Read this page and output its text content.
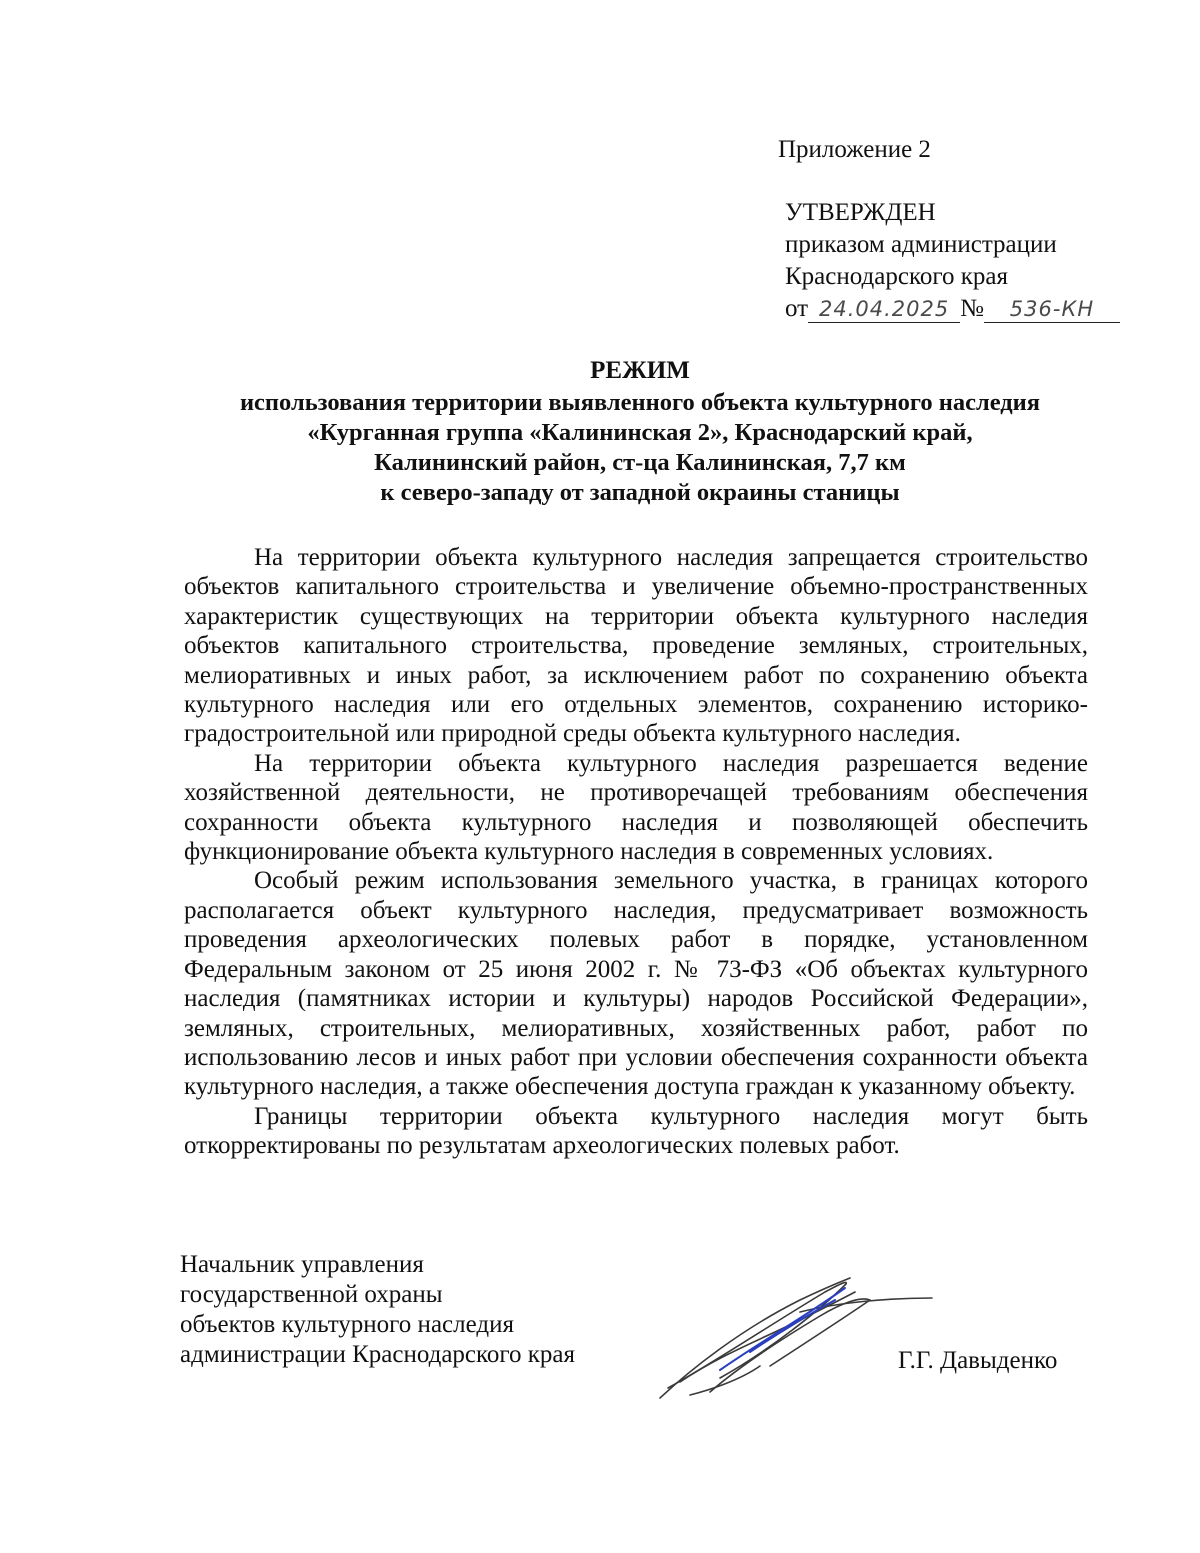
Приложение 2
УТВЕРЖДЕН
приказом администрации
Краснодарского края
от 24.04.2025 № 536-КН
РЕЖИМ
использования территории выявленного объекта культурного наследия
«Курганная группа «Калининская 2», Краснодарский край,
Калининский район, ст-ца Калининская, 7,7 км
к северо-западу от западной окраины станицы

На территории объекта культурного наследия запрещается строительство объектов капитального строительства и увеличение объемно-пространственных характеристик существующих на территории объекта культурного наследия объектов капитального строительства, проведение земляных, строительных, мелиоративных и иных работ, за исключением работ по сохранению объекта культурного наследия или его отдельных элементов, сохранению историко-градостроительной или природной среды объекта культурного наследия.

На территории объекта культурного наследия разрешается ведение хозяйственной деятельности, не противоречащей требованиям обеспечения сохранности объекта культурного наследия и позволяющей обеспечить функционирование объекта культурного наследия в современных условиях.

Особый режим использования земельного участка, в границах которого располагается объект культурного наследия, предусматривает возможность проведения археологических полевых работ в порядке, установленном Федеральным законом от 25 июня 2002 г. № 73-ФЗ «Об объектах культурного наследия (памятниках истории и культуры) народов Российской Федерации», земляных, строительных, мелиоративных, хозяйственных работ, работ по использованию лесов и иных работ при условии обеспечения сохранности объекта культурного наследия, а также обеспечения доступа граждан к указанному объекту.

Границы территории объекта культурного наследия могут быть откорректированы по результатам археологических полевых работ.

Начальник управления
государственной охраны
объектов культурного наследия
администрации Краснодарского края	Г.Г. Давыденко
